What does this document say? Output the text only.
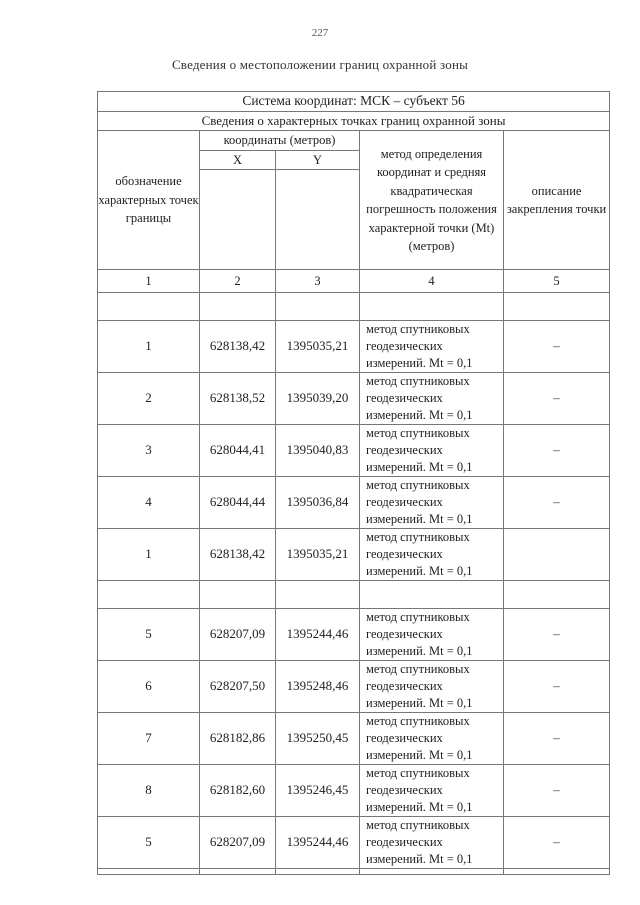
227
Сведения о местоположении границ охранной зоны
Система координат: МСК – субъект 56				
Сведения о характерных точках границ охранной зоны				
обозначение характерных точек границы	координаты (метров)		метод определения координат и средняя квадратическая погрешность положения характерной точки (Mt) (метров)	описание закрепления точки
	X	Y		

1	2	3	4	5

1	628138,42	1395035,21	метод спутниковых геодезических измерений. Mt = 0,1	–
2	628138,52	1395039,20	метод спутниковых геодезических измерений. Mt = 0,1	–
3	628044,41	1395040,83	метод спутниковых геодезических измерений. Mt = 0,1	–
4	628044,44	1395036,84	метод спутниковых геодезических измерений. Mt = 0,1	–
1	628138,42	1395035,21	метод спутниковых геодезических измерений. Mt = 0,1	

5	628207,09	1395244,46	метод спутниковых геодезических измерений. Mt = 0,1	–
6	628207,50	1395248,46	метод спутниковых геодезических измерений. Mt = 0,1	–
7	628182,86	1395250,45	метод спутниковых геодезических измерений. Mt = 0,1	–
8	628182,60	1395246,45	метод спутниковых геодезических измерений. Mt = 0,1	–
5	628207,09	1395244,46	метод спутниковых геодезических измерений. Mt = 0,1	–
